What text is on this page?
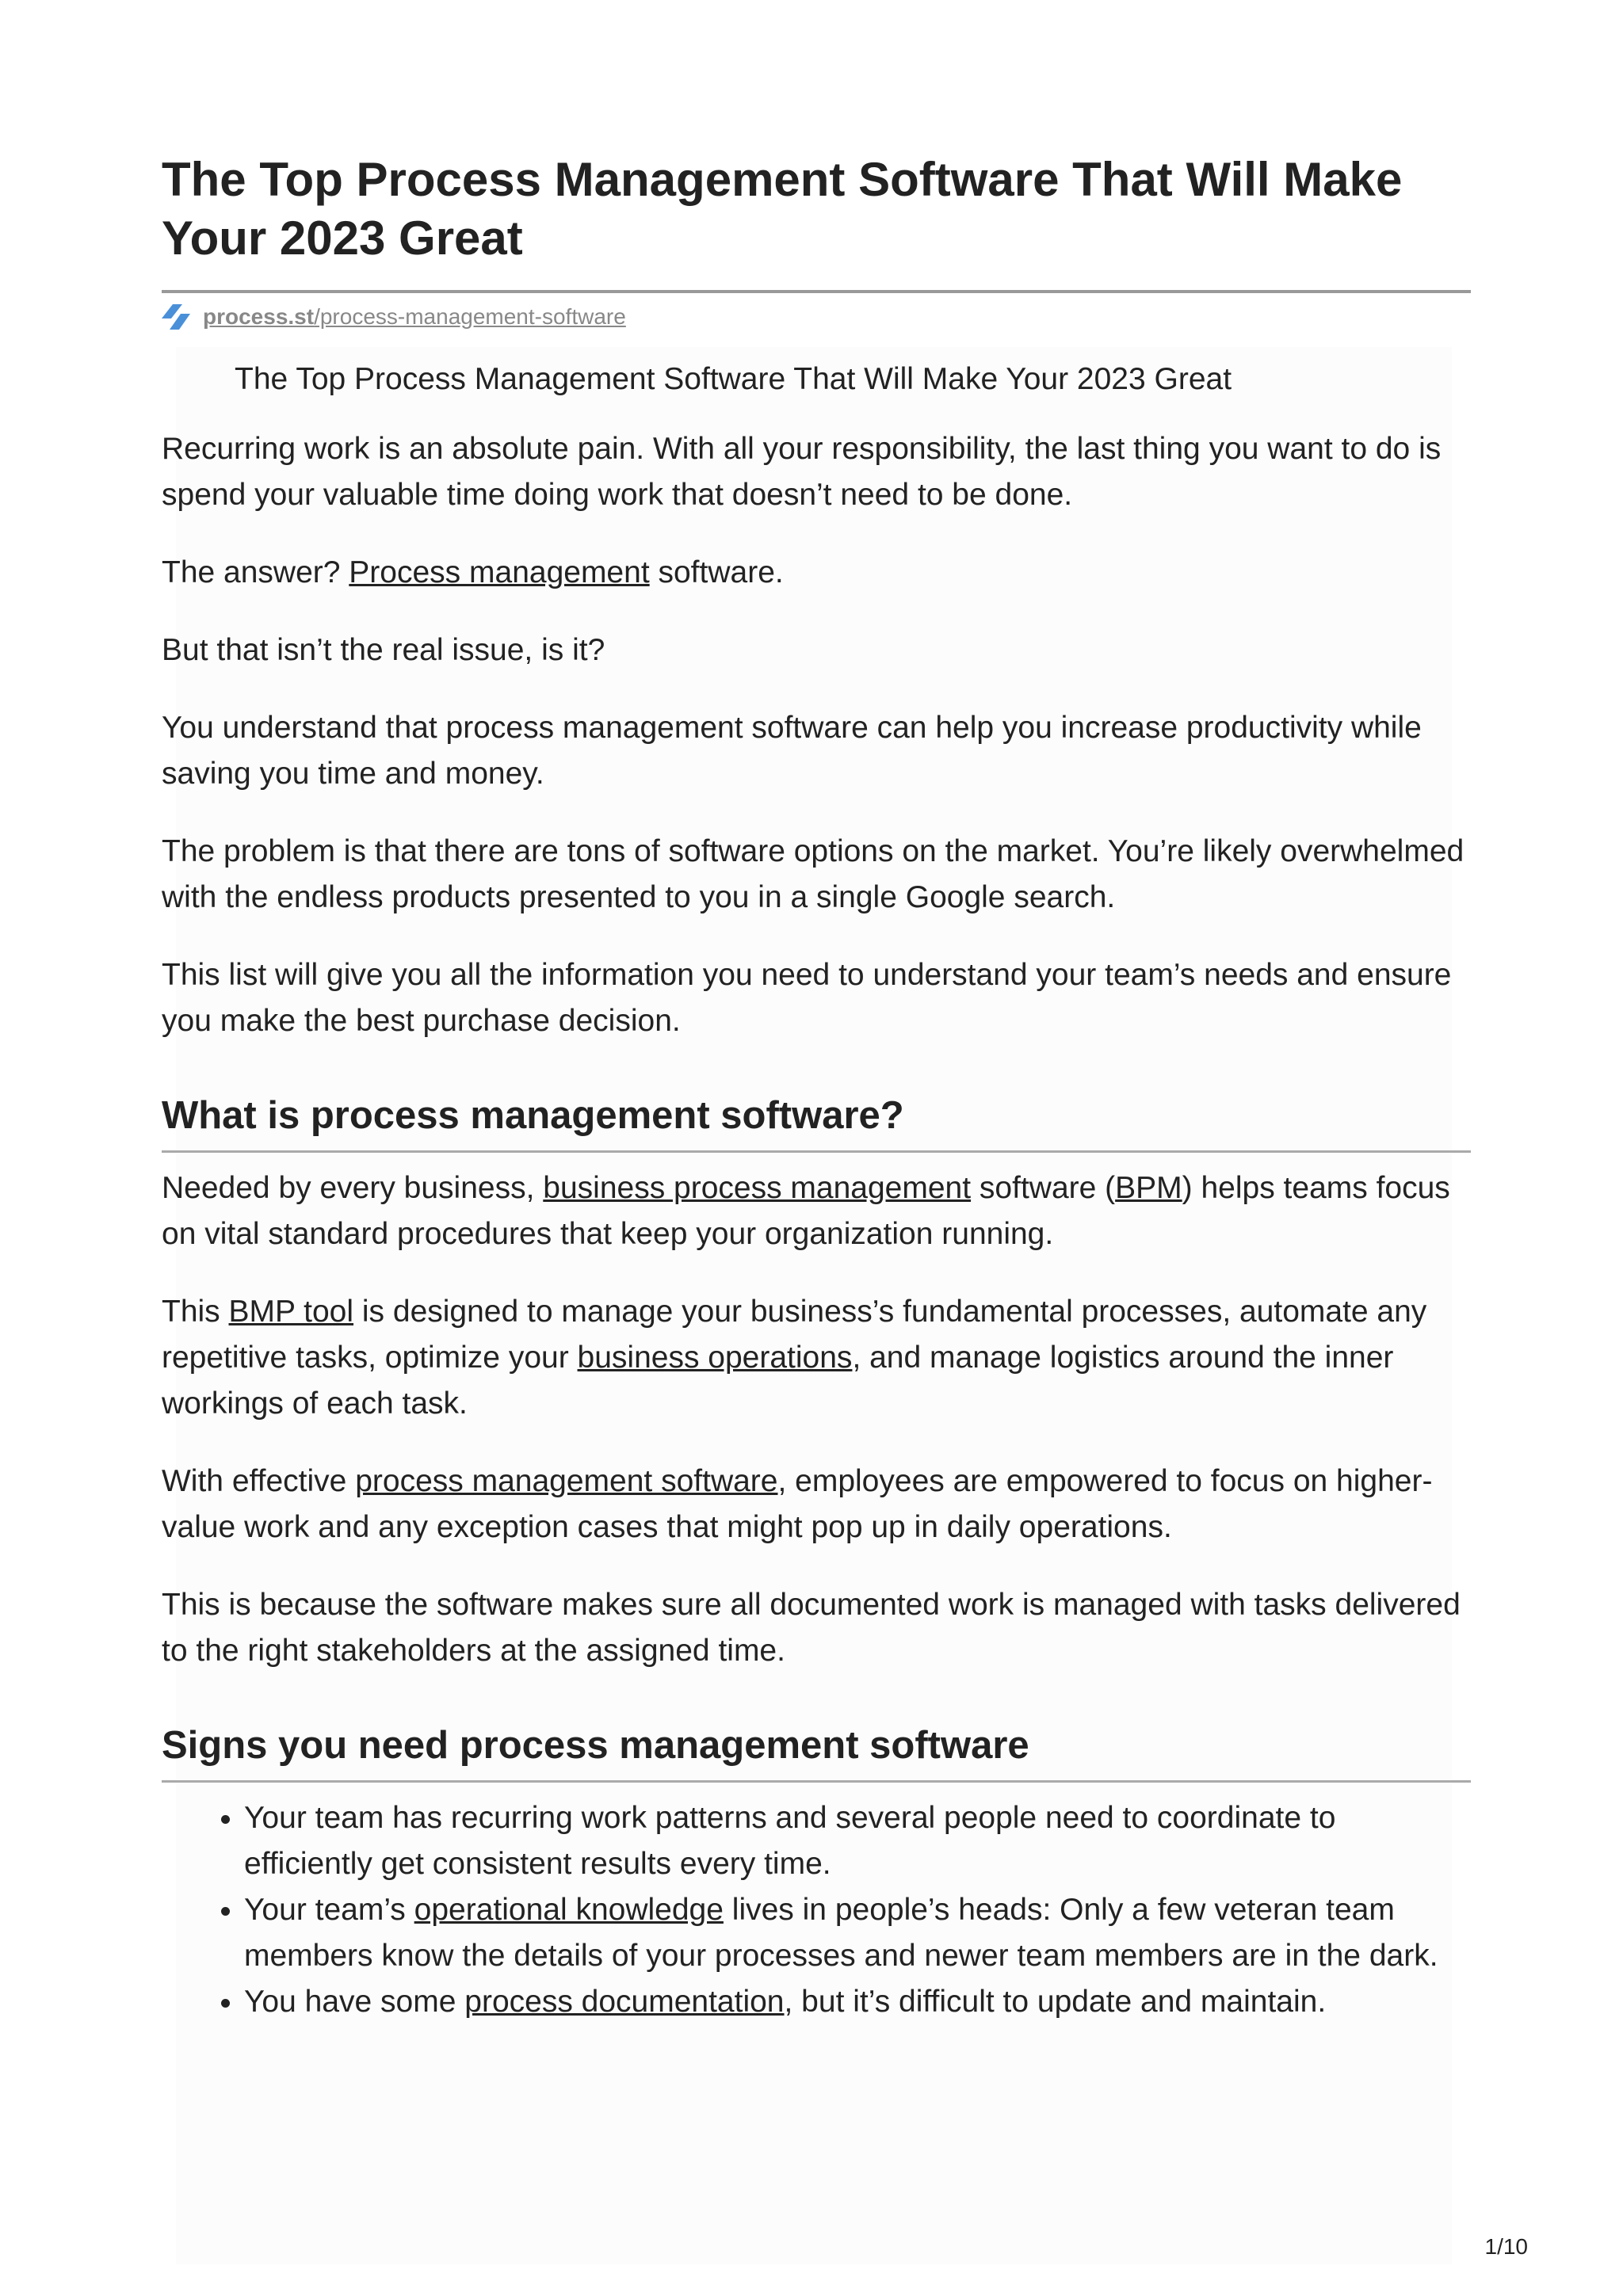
The Top Process Management Software That Will Make Your 2023 Great
process.st/process-management-software

The Top Process Management Software That Will Make Your 2023 Great

Recurring work is an absolute pain. With all your responsibility, the last thing you want to do is spend your valuable time doing work that doesn’t need to be done.

The answer? Process management software.

But that isn’t the real issue, is it?

You understand that process management software can help you increase productivity while saving you time and money.

The problem is that there are tons of software options on the market. You’re likely overwhelmed with the endless products presented to you in a single Google search.

This list will give you all the information you need to understand your team’s needs and ensure you make the best purchase decision.

What is process management software?

Needed by every business, business process management software (BPM) helps teams focus on vital standard procedures that keep your organization running.

This BMP tool is designed to manage your business’s fundamental processes, automate any repetitive tasks, optimize your business operations, and manage logistics around the inner workings of each task.

With effective process management software, employees are empowered to focus on higher-value work and any exception cases that might pop up in daily operations.

This is because the software makes sure all documented work is managed with tasks delivered to the right stakeholders at the assigned time.

Signs you need process management software
• Your team has recurring work patterns and several people need to coordinate to efficiently get consistent results every time.
• Your team’s operational knowledge lives in people’s heads: Only a few veteran team members know the details of your processes and newer team members are in the dark.
• You have some process documentation, but it’s difficult to update and maintain.
1/10
